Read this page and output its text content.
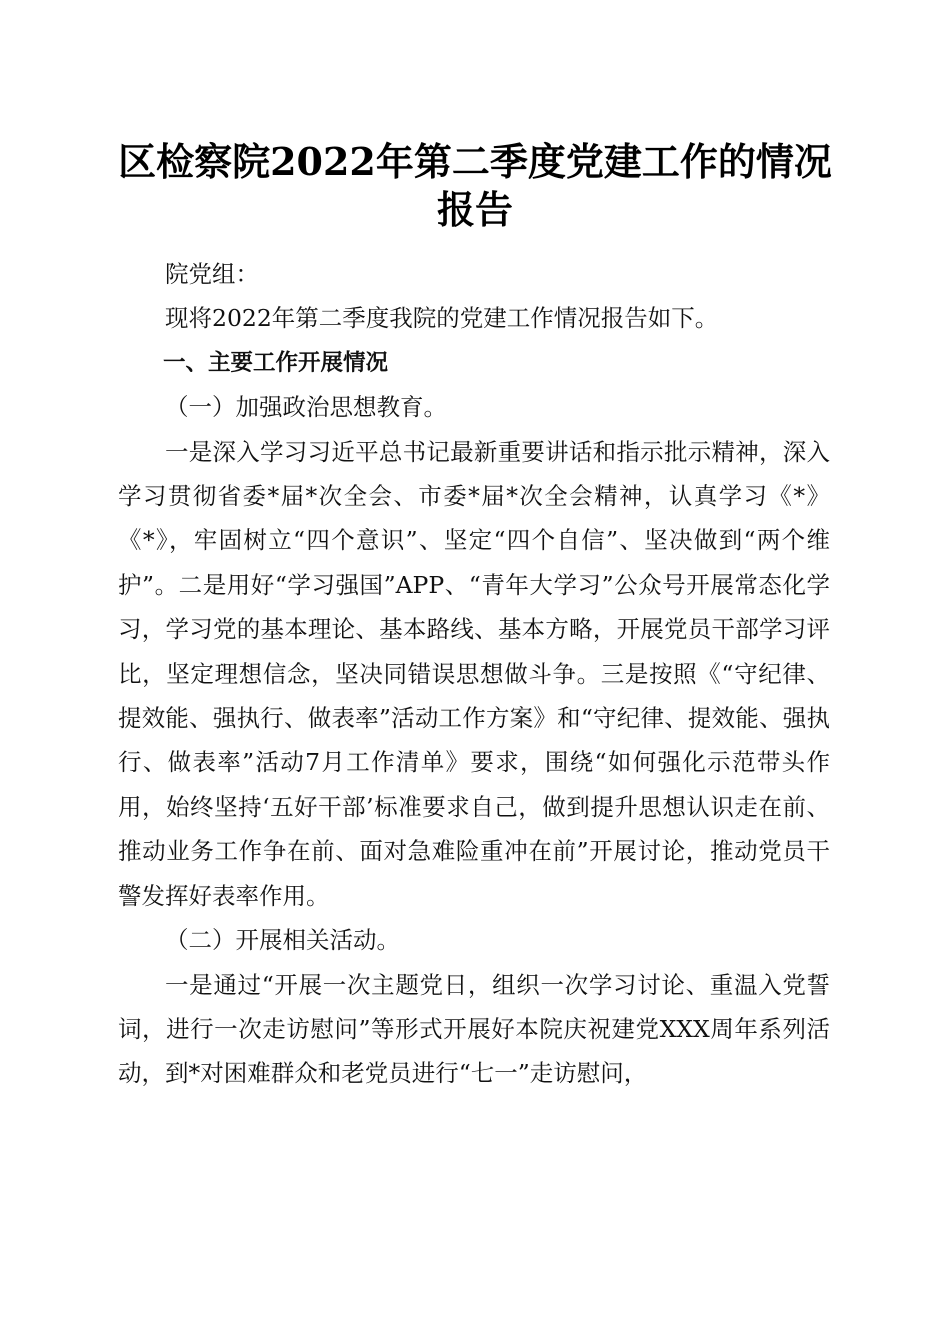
区检察院2022年第二季度党建工作的情况报告

院党组：

现将2022年第二季度我院的党建工作情况报告如下。

一、主要工作开展情况

（一）加强政治思想教育。

一是深入学习习近平总书记最新重要讲话和指示批示精神，深入学习贯彻省委*届*次全会、市委*届*次全会精神，认真学习《*》《*》，牢固树立“四个意识”、坚定“四个自信”、坚决做到“两个维护”。二是用好“学习强国”APP、“青年大学习”公众号开展常态化学习，学习党的基本理论、基本路线、基本方略，开展党员干部学习评比，坚定理想信念，坚决同错误思想做斗争。三是按照《“守纪律、提效能、强执行、做表率”活动工作方案》和“守纪律、提效能、强执行、做表率”活动7月工作清单》要求，围绕“如何强化示范带头作用，始终坚持‘五好干部’标准要求自己，做到提升思想认识走在前、推动业务工作争在前、面对急难险重冲在前”开展讨论，推动党员干警发挥好表率作用。

（二）开展相关活动。

一是通过“开展一次主题党日，组织一次学习讨论、重温入党誓词，进行一次走访慰问”等形式开展好本院庆祝建党XXX周年系列活动，到*对困难群众和老党员进行“七一”走访慰问，
